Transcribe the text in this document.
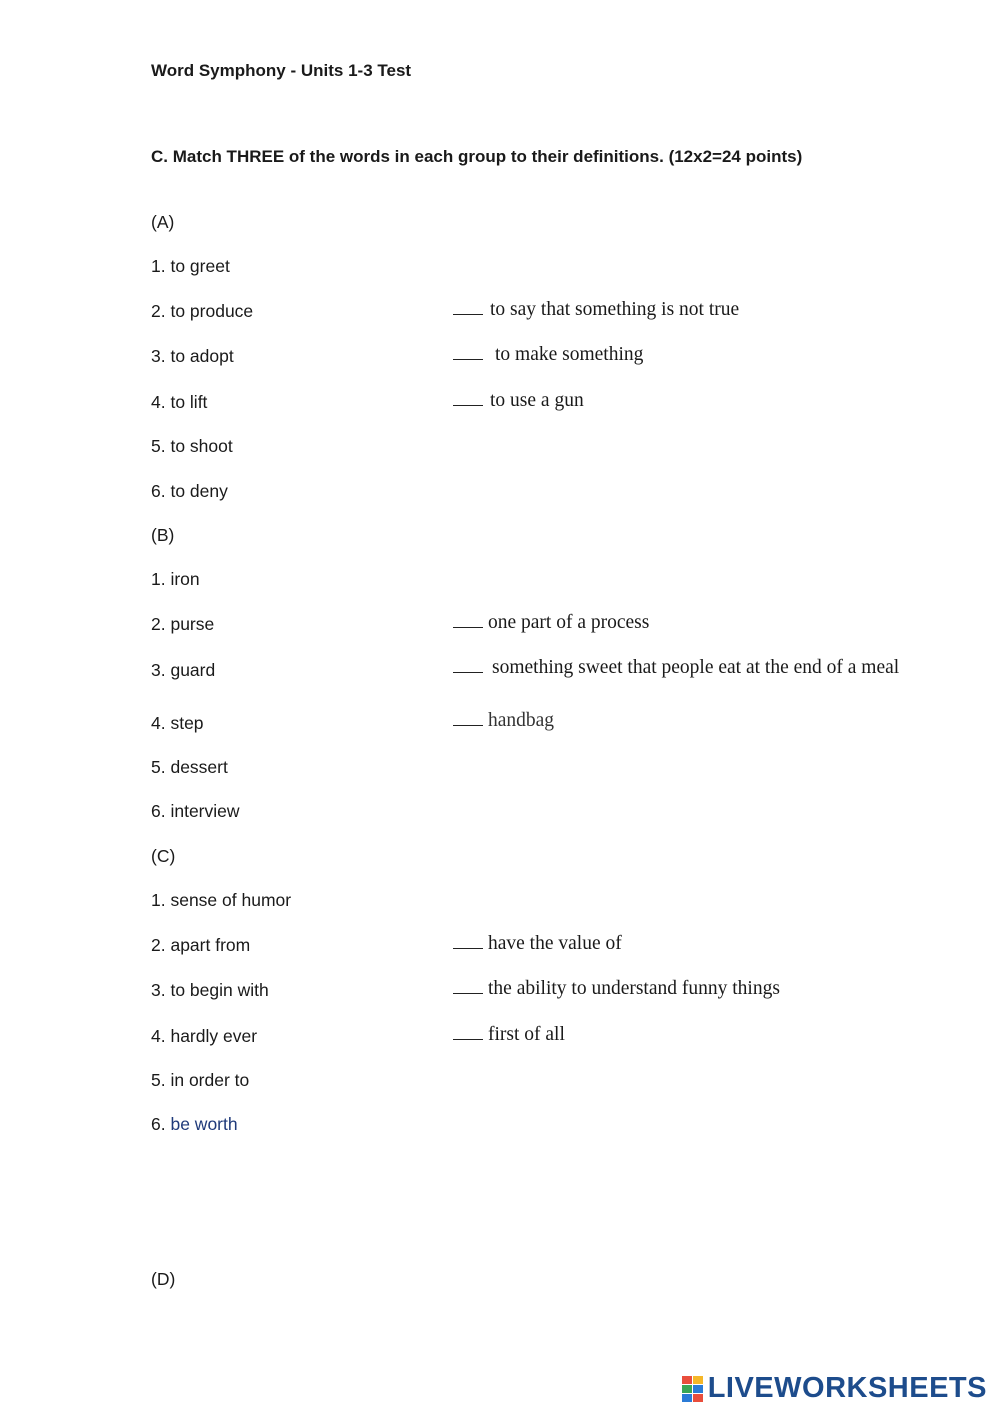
Word Symphony - Units 1-3 Test
C. Match THREE of the words in each group to their definitions. (12x2=24 points)
(A)
1. to greet
2. to produce
3. to adopt
4. to lift
5. to shoot
6. to deny
to say that something is not true
to make something
to use a gun
(B)
1. iron
2. purse
3. guard
4. step
5. dessert
6. interview
one part of a process
something sweet that people eat at the end of a meal
handbag
(C)
1. sense of humor
2. apart from
3. to begin with
4. hardly ever
5. in order to
6. be worth
have the value of
the ability to understand funny things
first of all
(D)
LIVEWORKSHEETS
